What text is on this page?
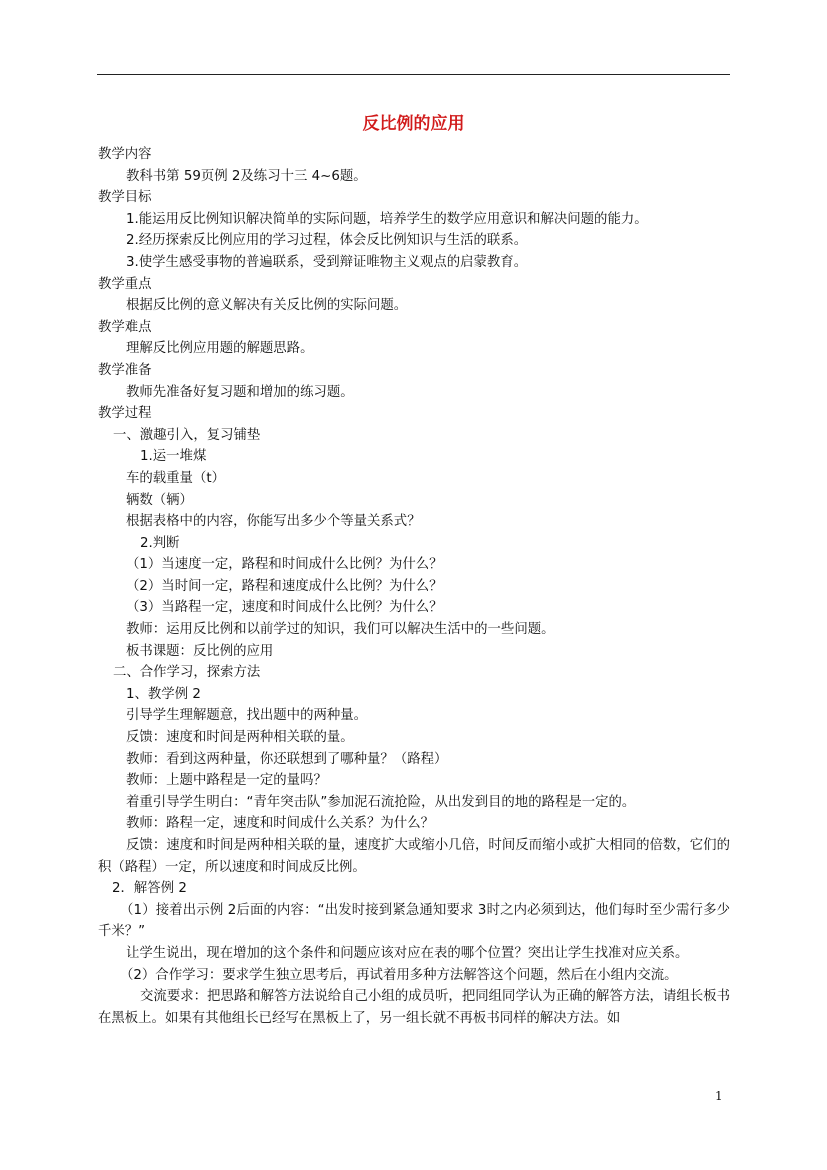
反比例的应用
教学内容
教科书第 59页例 2及练习十三 4~6题。
教学目标
1.能运用反比例知识解决简单的实际问题，培养学生的数学应用意识和解决问题的能力。
2.经历探索反比例应用的学习过程，体会反比例知识与生活的联系。
3.使学生感受事物的普遍联系，受到辩证唯物主义观点的启蒙教育。
教学重点
根据反比例的意义解决有关反比例的实际问题。
教学难点
理解反比例应用题的解题思路。
教学准备
教师先准备好复习题和增加的练习题。
教学过程
一、激趣引入，复习铺垫
1.运一堆煤
车的载重量（t）
辆数（辆）
根据表格中的内容，你能写出多少个等量关系式？
2.判断
（1）当速度一定，路程和时间成什么比例？为什么？
（2）当时间一定，路程和速度成什么比例？为什么？
（3）当路程一定，速度和时间成什么比例？为什么？
教师：运用反比例和以前学过的知识，我们可以解决生活中的一些问题。
板书课题：反比例的应用
二、合作学习，探索方法
1、教学例 2
引导学生理解题意，找出题中的两种量。
反馈：速度和时间是两种相关联的量。
教师：看到这两种量，你还联想到了哪种量？（路程）
教师：上题中路程是一定的量吗？
着重引导学生明白：“青年突击队”参加泥石流抢险，从出发到目的地的路程是一定的。
教师：路程一定，速度和时间成什么关系？为什么？
反馈：速度和时间是两种相关联的量，速度扩大或缩小几倍，时间反而缩小或扩大相同的倍数，它们的积（路程）一定，所以速度和时间成反比例。
2．解答例 2
（1）接着出示例 2后面的内容：“出发时接到紧急通知要求 3时之内必须到达，他们每时至少需行多少千米？”
让学生说出，现在增加的这个条件和问题应该对应在表的哪个位置？突出让学生找准对应关系。
（2）合作学习：要求学生独立思考后，再试着用多种方法解答这个问题，然后在小组内交流。
交流要求：把思路和解答方法说给自己小组的成员听，把同组同学认为正确的解答方法，请组长板书在黑板上。如果有其他组长已经写在黑板上了，另一组长就不再板书同样的解决方法。如
1
